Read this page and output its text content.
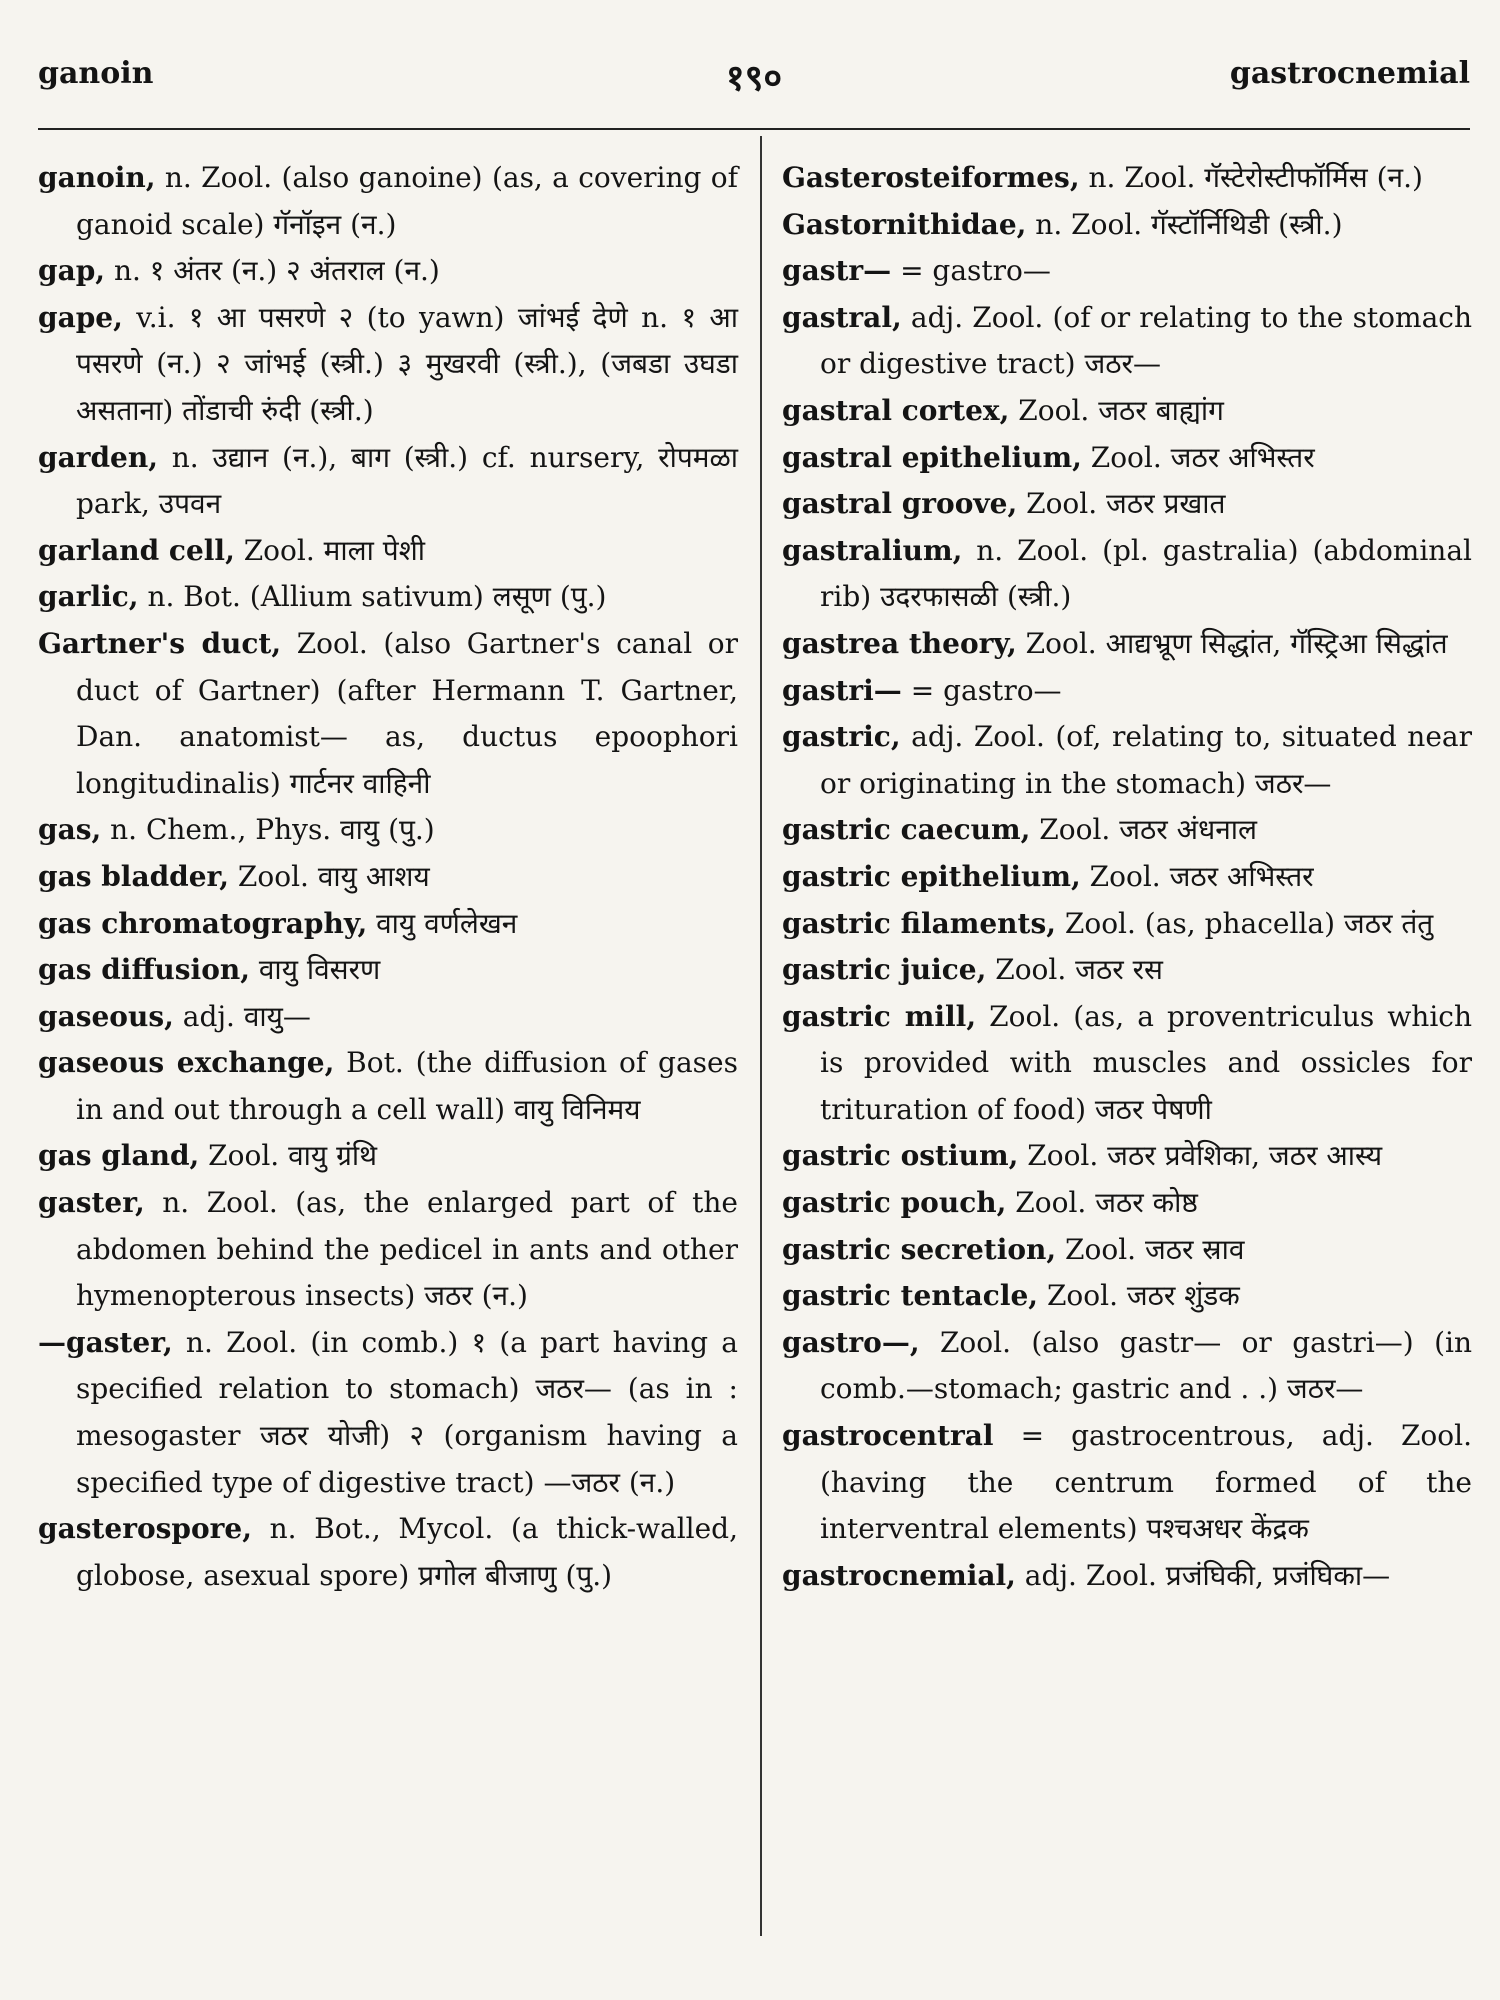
ganoin	१९०	gastrocnemial
ganoin, n. Zool. (also ganoine) (as, a covering of ganoid scale) गॅनॉइन (न.)
gap, n. १ अंतर (न.) २ अंतराल (न.)
gape, v.i. १ आ पसरणे २ (to yawn) जांभई देणे n. १ आ पसरणे (न.) २ जांभई (स्त्री.) ३ मुखरवी (स्त्री.), (जबडा उघडा असताना) तोंडाची रुंदी (स्त्री.)
garden, n. उद्यान (न.), बाग (स्त्री.) cf. nursery, रोपमळा park, उपवन
garland cell, Zool. माला पेशी
garlic, n. Bot. (Allium sativum) लसूण (पु.)
Gartner's duct, Zool. (also Gartner's canal or duct of Gartner) (after Hermann T. Gartner, Dan. anatomist— as, ductus epoophori longitudinalis) गार्टनर वाहिनी
gas, n. Chem., Phys. वायु (पु.)
gas bladder, Zool. वायु आशय
gas chromatography, वायु वर्णलेखन
gas diffusion, वायु विसरण
gaseous, adj. वायु—
gaseous exchange, Bot. (the diffusion of gases in and out through a cell wall) वायु विनिमय
gas gland, Zool. वायु ग्रंथि
gaster, n. Zool. (as, the enlarged part of the abdomen behind the pedicel in ants and other hymenopterous insects) जठर (न.)
—gaster, n. Zool. (in comb.) १ (a part having a specified relation to stomach) जठर— (as in : mesogaster जठर योजी) २ (organism having a specified type of digestive tract) —जठर (न.)
gasterospore, n. Bot., Mycol. (a thick-walled, globose, asexual spore) प्रगोल बीजाणु (पु.)
Gasterosteiformes, n. Zool. गॅस्टेरोस्टीफॉर्मिस (न.)
Gastornithidae, n. Zool. गॅस्टॉर्निथिडी (स्त्री.)
gastr— = gastro—
gastral, adj. Zool. (of or relating to the stomach or digestive tract) जठर—
gastral cortex, Zool. जठर बाह्यांग
gastral epithelium, Zool. जठर अभिस्तर
gastral groove, Zool. जठर प्रखात
gastralium, n. Zool. (pl. gastralia) (abdominal rib) उदरफासळी (स्त्री.)
gastrea theory, Zool. आद्यभ्रूण सिद्धांत, गॅस्ट्रिआ सिद्धांत
gastri— = gastro—
gastric, adj. Zool. (of, relating to, situated near or originating in the stomach) जठर—
gastric caecum, Zool. जठर अंधनाल
gastric epithelium, Zool. जठर अभिस्तर
gastric filaments, Zool. (as, phacella) जठर तंतु
gastric juice, Zool. जठर रस
gastric mill, Zool. (as, a proventriculus which is provided with muscles and ossicles for trituration of food) जठर पेषणी
gastric ostium, Zool. जठर प्रवेशिका, जठर आस्य
gastric pouch, Zool. जठर कोष्ठ
gastric secretion, Zool. जठर स्राव
gastric tentacle, Zool. जठर शुंडक
gastro—, Zool. (also gastr— or gastri—) (in comb.—stomach; gastric and . .) जठर—
gastrocentral = gastrocentrous, adj. Zool. (having the centrum formed of the interventral elements) पश्चअधर केंद्रक
gastrocnemial, adj. Zool. प्रजंघिकी, प्रजंघिका—
